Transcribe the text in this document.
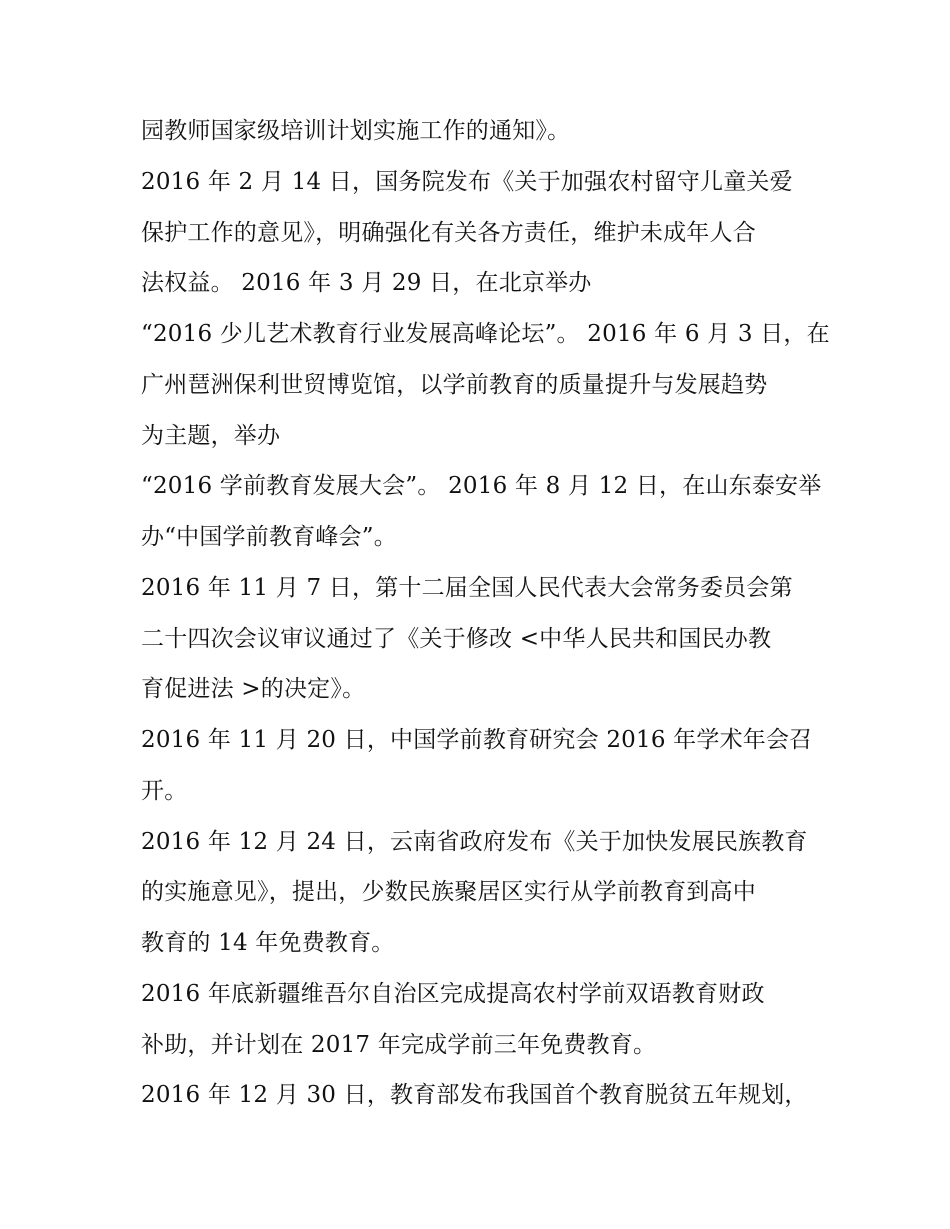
园教师国家级培训计划实施工作的通知》。
2016 年 2 月 14 日，国务院发布《关于加强农村留守儿童关爱
保护工作的意见》，明确强化有关各方责任，维护未成年人合
法权益。 2016 年 3 月 29 日，在北京举办
“2016 少儿艺术教育行业发展高峰论坛”。 2016 年 6 月 3 日，在
广州琶洲保利世贸博览馆，以学前教育的质量提升与发展趋势
为主题，举办
“2016 学前教育发展大会”。 2016 年 8 月 12 日，在山东泰安举
办“中国学前教育峰会”。
2016 年 11 月 7 日，第十二届全国人民代表大会常务委员会第
二十四次会议审议通过了《关于修改 <中华人民共和国民办教
育促进法 >的决定》。
2016 年 11 月 20 日，中国学前教育研究会 2016 年学术年会召
开。
2016 年 12 月 24 日，云南省政府发布《关于加快发展民族教育
的实施意见》，提出，少数民族聚居区实行从学前教育到高中
教育的 14 年免费教育。
2016 年底新疆维吾尔自治区完成提高农村学前双语教育财政
补助，并计划在 2017 年完成学前三年免费教育。
2016 年 12 月 30 日，教育部发布我国首个教育脱贫五年规划，
